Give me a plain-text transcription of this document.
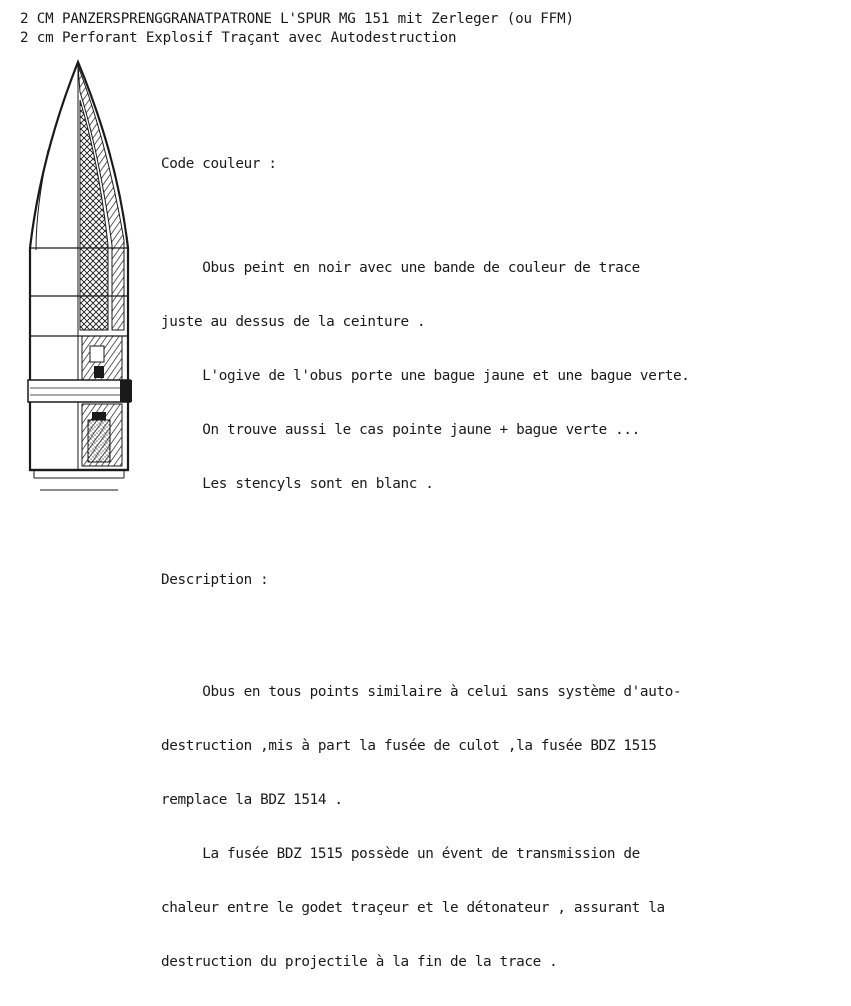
2 CM PANZERSPRENGGRANATPATRONE L'SPUR MG 151 mit Zerleger (ou FFM)
2 cm Perforant Explosif Traçant avec Autodestruction

Code couleur :

Obus peint en noir avec une bande de couleur de trace

juste au dessus de la ceinture .

L'ogive de l'obus porte une bague jaune et une bague verte.

On trouve aussi le cas pointe jaune + bague verte ...

Les stencyls sont en blanc .

Description :

Obus en tous points similaire à celui sans système d'auto-

destruction ,mis à part la fusée de culot ,la fusée BDZ 1515

remplace la BDZ 1514 .

La fusée BDZ 1515 possède un évent de transmission de

chaleur entre le godet traçeur et le détonateur , assurant la

destruction du projectile à la fin de la trace .
